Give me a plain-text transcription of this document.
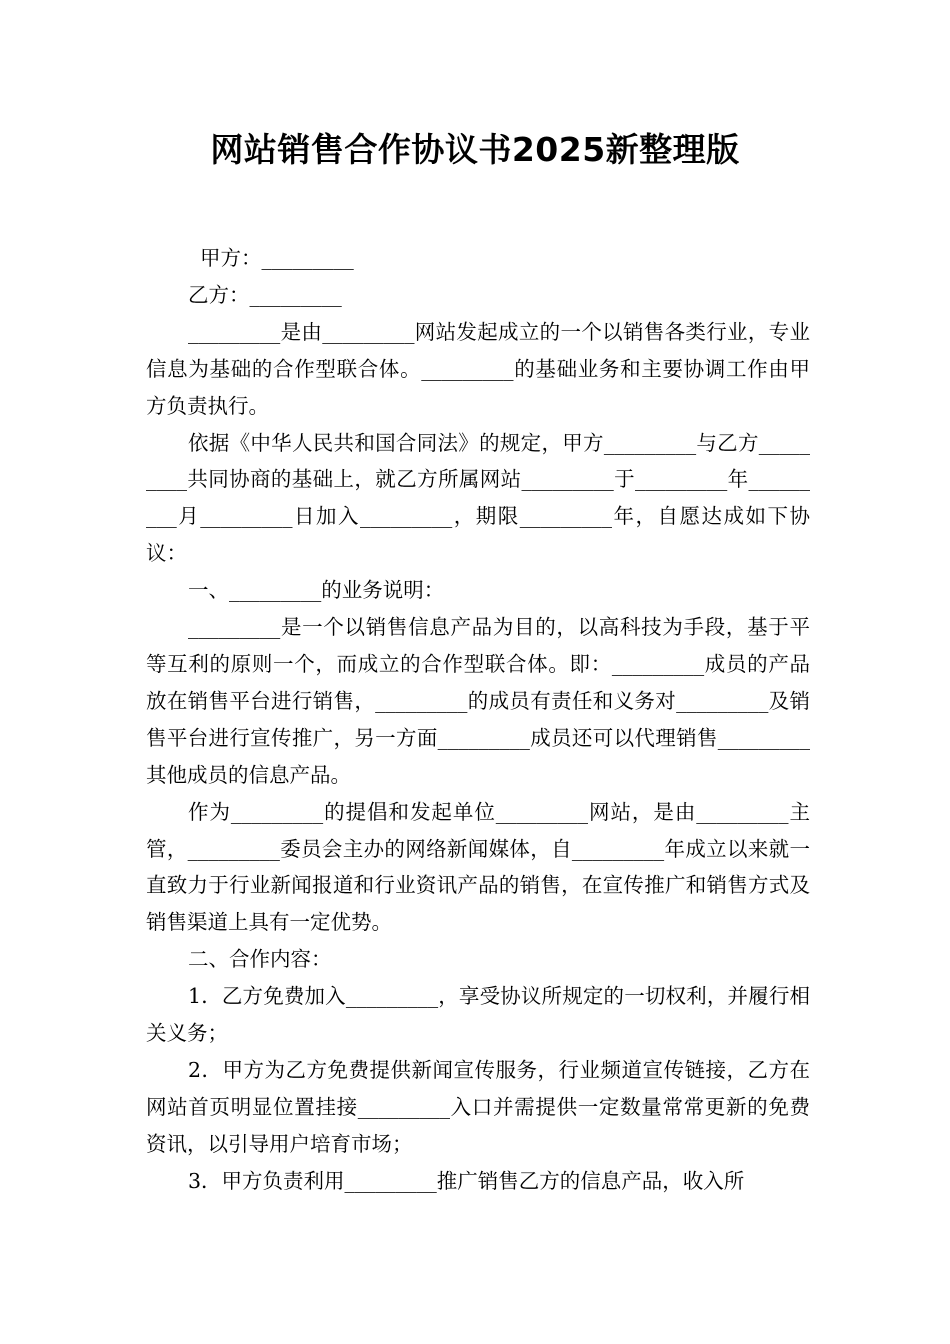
网站销售合作协议书2025新整理版

甲方：_________

乙方：_________

_________是由_________网站发起成立的一个以销售各类行业，专业信息为基础的合作型联合体。_________的基础业务和主要协调工作由甲方负责执行。

依据《中华人民共和国合同法》的规定，甲方_________与乙方_________共同协商的基础上，就乙方所属网站_________于_________年_________月_________日加入_________，期限_________年，自愿达成如下协议：

一、_________的业务说明：

_________是一个以销售信息产品为目的，以高科技为手段，基于平等互利的原则一个，而成立的合作型联合体。即：_________成员的产品放在销售平台进行销售，_________的成员有责任和义务对_________及销售平台进行宣传推广，另一方面_________成员还可以代理销售_________其他成员的信息产品。

作为_________的提倡和发起单位_________网站，是由_________主管，_________委员会主办的网络新闻媒体，自_________年成立以来就一直致力于行业新闻报道和行业资讯产品的销售，在宣传推广和销售方式及销售渠道上具有一定优势。

二、合作内容：

1．乙方免费加入_________，享受协议所规定的一切权利，并履行相关义务；

2．甲方为乙方免费提供新闻宣传服务，行业频道宣传链接，乙方在网站首页明显位置挂接_________入口并需提供一定数量常常更新的免费资讯，以引导用户培育市场；

3．甲方负责利用_________推广销售乙方的信息产品，收入所
